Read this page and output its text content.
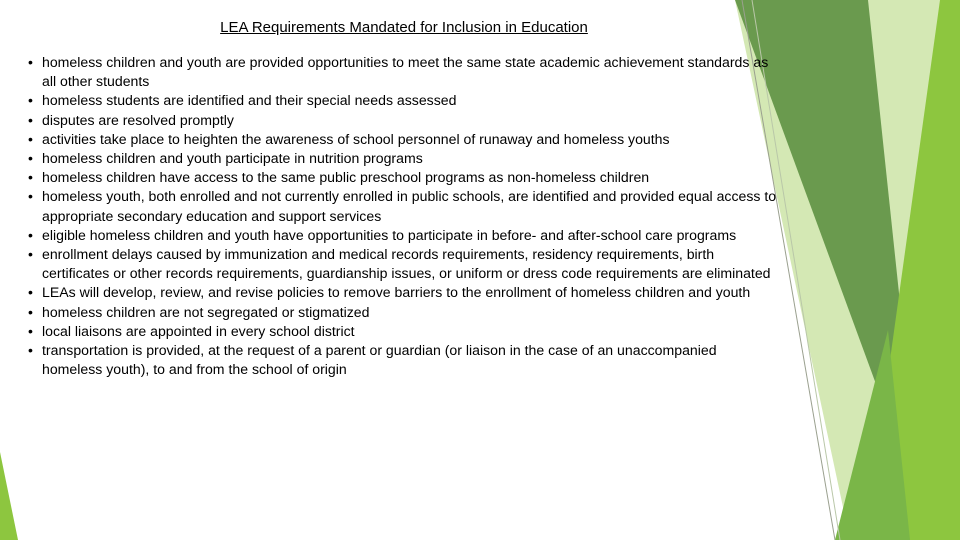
LEA Requirements Mandated for Inclusion in Education
• homeless children and youth are provided opportunities to meet the same state academic achievement standards as all other students
• homeless students are identified and their special needs assessed
• disputes are resolved promptly
• activities take place to heighten the awareness of school personnel of runaway and homeless youths
• homeless children and youth participate in nutrition programs
• homeless children have access to the same public preschool programs as non-homeless children
• homeless youth, both enrolled and not currently enrolled in public schools, are identified and provided equal access to appropriate secondary education and support services
• eligible homeless children and youth have opportunities to participate in before- and after-school care programs
• enrollment delays caused by immunization and medical records requirements, residency requirements, birth certificates or other records requirements, guardianship issues, or uniform or dress code requirements are eliminated
• LEAs will develop, review, and revise policies to remove barriers to the enrollment of homeless children and youth
• homeless children are not segregated or stigmatized
• local liaisons are appointed in every school district
• transportation is provided, at the request of a parent or guardian (or liaison in the case of an unaccompanied homeless youth), to and from the school of origin
